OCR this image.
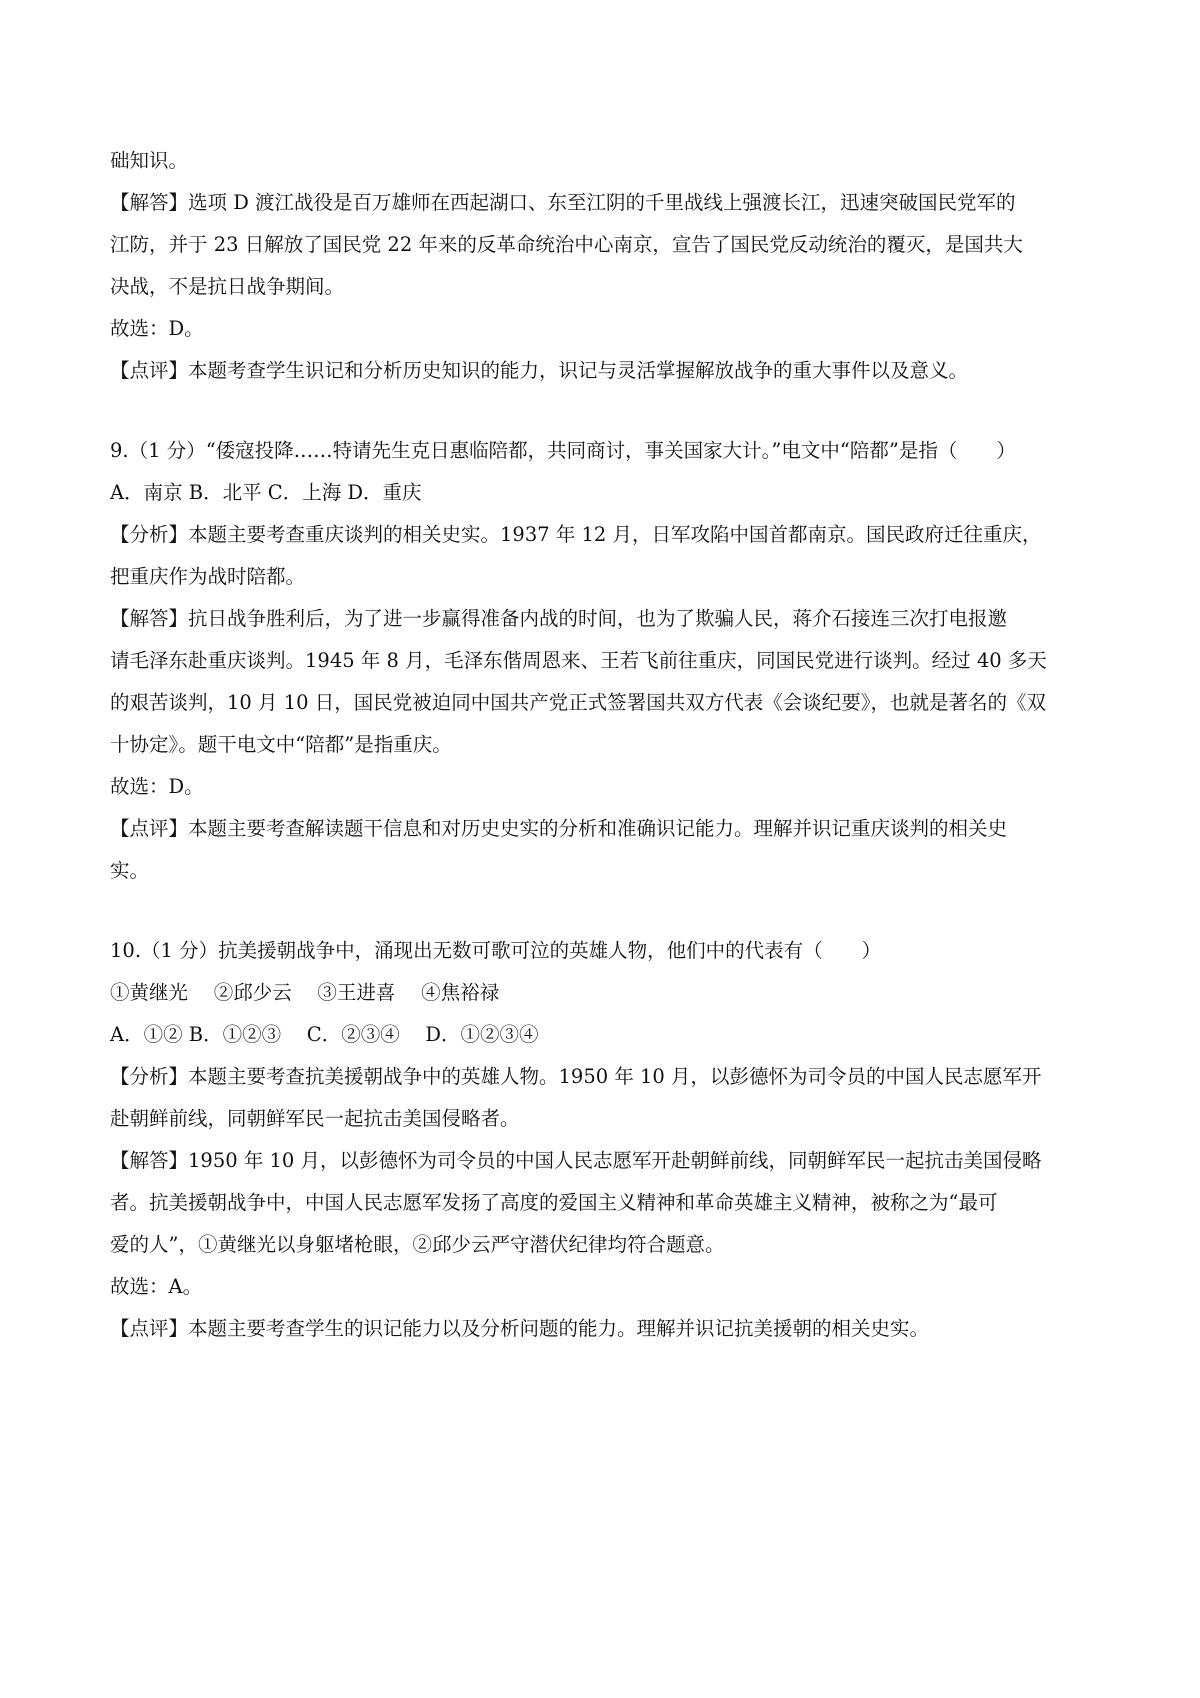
础知识。
【解答】选项 D 渡江战役是百万雄师在西起湖口、东至江阴的千里战线上强渡长江，迅速突破国民党军的
江防，并于 23 日解放了国民党 22 年来的反革命统治中心南京，宣告了国民党反动统治的覆灭，是国共大
决战，不是抗日战争期间。
故选：D。
【点评】本题考查学生识记和分析历史知识的能力，识记与灵活掌握解放战争的重大事件以及意义。
9.（1 分）“倭寇投降……特请先生克日惠临陪都，共同商讨，事关国家大计。”电文中“陪都”是指（　　）
A．南京 B．北平 C．上海 D．重庆
【分析】本题主要考查重庆谈判的相关史实。1937 年 12 月，日军攻陷中国首都南京。国民政府迁往重庆，
把重庆作为战时陪都。
【解答】抗日战争胜利后，为了进一步赢得准备内战的时间，也为了欺骗人民，蒋介石接连三次打电报邀
请毛泽东赴重庆谈判。1945 年 8 月，毛泽东偕周恩来、王若飞前往重庆，同国民党进行谈判。经过 40 多天
的艰苦谈判，10 月 10 日，国民党被迫同中国共产党正式签署国共双方代表《会谈纪要》，也就是著名的《双
十协定》。题干电文中“陪都”是指重庆。
故选：D。
【点评】本题主要考查解读题干信息和对历史史实的分析和准确识记能力。理解并识记重庆谈判的相关史
实。
10.（1 分）抗美援朝战争中，涌现出无数可歌可泣的英雄人物，他们中的代表有（　　）
①黄继光　 ②邱少云　 ③王进喜　 ④焦裕禄
A．①② B．①②③　 C．②③④　 D．①②③④
【分析】本题主要考查抗美援朝战争中的英雄人物。1950 年 10 月，以彭德怀为司令员的中国人民志愿军开
赴朝鲜前线，同朝鲜军民一起抗击美国侵略者。
【解答】1950 年 10 月，以彭德怀为司令员的中国人民志愿军开赴朝鲜前线，同朝鲜军民一起抗击美国侵略
者。抗美援朝战争中，中国人民志愿军发扬了高度的爱国主义精神和革命英雄主义精神，被称之为“最可
爱的人”，①黄继光以身躯堵枪眼，②邱少云严守潜伏纪律均符合题意。
故选：A。
【点评】本题主要考查学生的识记能力以及分析问题的能力。理解并识记抗美援朝的相关史实。
